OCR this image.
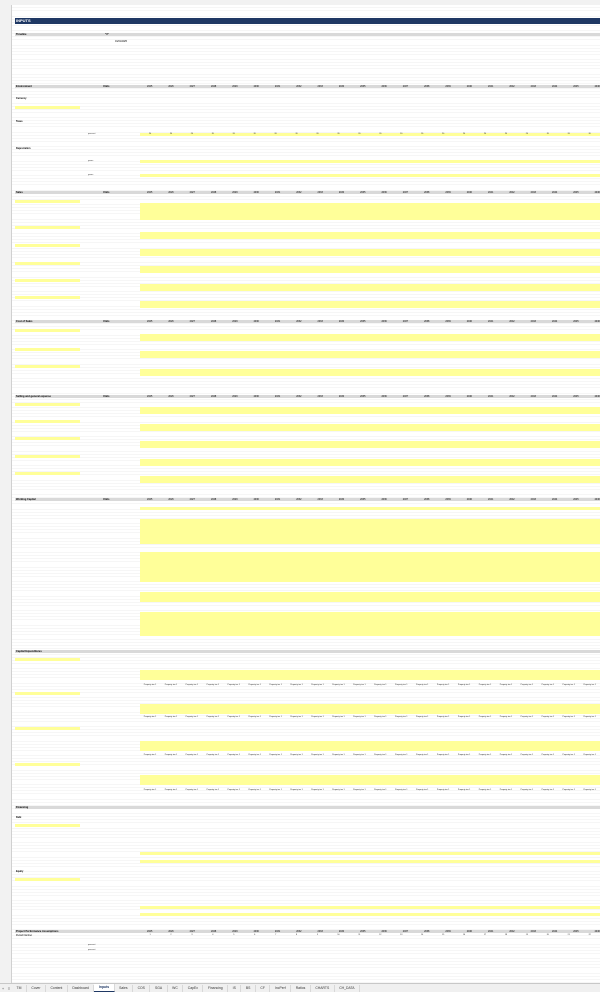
INPUTS
Timeline	"#"
01/01/2025
Environment	Units	2025	2026	2027	2028	2029	2030	2031	2032	2033	2034	2035	2036	2037	2038	2039	2040	2041	2042	2043	2044	2045	2046
Currency
Taxes
percent	20	20	20	20	20	20	20	20	20	20	20	20	20	20	20	20	20	20	20	20	20	20
Depreciation
years
years
Sales	Units	2025	2026	2027	2028	2029	2030	2031	2032	2033	2034	2035	2036	2037	2038	2039	2040	2041	2042	2043	2044	2045	2046
Cost of Sales	Units	2025	2026	2027	2028	2029	2030	2031	2032	2033	2034	2035	2036	2037	2038	2039	2040	2041	2042	2043	2044	2045	2046
Selling and general expense	Units	2025	2026	2027	2028	2029	2030	2031	2032	2033	2034	2035	2036	2037	2038	2039	2040	2041	2042	2043	2044	2045	2046
Working Capital	Units	2025	2026	2027	2028	2029	2030	2031	2032	2033	2034	2035	2036	2037	2038	2039	2040	2041	2042	2043	2044	2045	2046
Capital Expenditures
Property tax 1	Property tax 1	Property tax 1	Property tax 1	Property tax 1	Property tax 1	Property tax 1	Property tax 1	Property tax 1	Property tax 1	Property tax 1	Property tax 1	Property tax 1	Property tax 1	Property tax 1	Property tax 1	Property tax 1	Property tax 1	Property tax 1	Property tax 1	Property tax 1	Property tax 1
Property tax 1	Property tax 1	Property tax 1	Property tax 1	Property tax 1	Property tax 1	Property tax 1	Property tax 1	Property tax 1	Property tax 1	Property tax 1	Property tax 1	Property tax 1	Property tax 1	Property tax 1	Property tax 1	Property tax 1	Property tax 1	Property tax 1	Property tax 1	Property tax 1	Property tax 1
Property tax 1	Property tax 1	Property tax 1	Property tax 1	Property tax 1	Property tax 1	Property tax 1	Property tax 1	Property tax 1	Property tax 1	Property tax 1	Property tax 1	Property tax 1	Property tax 1	Property tax 1	Property tax 1	Property tax 1	Property tax 1	Property tax 1	Property tax 1	Property tax 1	Property tax 1
Property tax 1	Property tax 1	Property tax 1	Property tax 1	Property tax 1	Property tax 1	Property tax 1	Property tax 1	Property tax 1	Property tax 1	Property tax 1	Property tax 1	Property tax 1	Property tax 1	Property tax 1	Property tax 1	Property tax 1	Property tax 1	Property tax 1	Property tax 1	Property tax 1	Property tax 1
Financing
Debt
Equity
Project Performance Assumptions	2025	2026	2027	2028	2029	2030	2031	2032	2033	2034	2035	2036	2037	2038	2039	2040	2041	2042	2043	2044	2045	2046
Period Number	1	2	3	4	5	6	7	8	9	10	11	12	13	14	15	16	17	18	19	20	21	22
percent
percent
+ ≡	TM	Cover	Content	Dashboard	Inputs	Sales	COS	SGA	WC	CapEx	Financing	IS	BS	CF	IncPerf	Ratios	CHARTS	CH_DATA
